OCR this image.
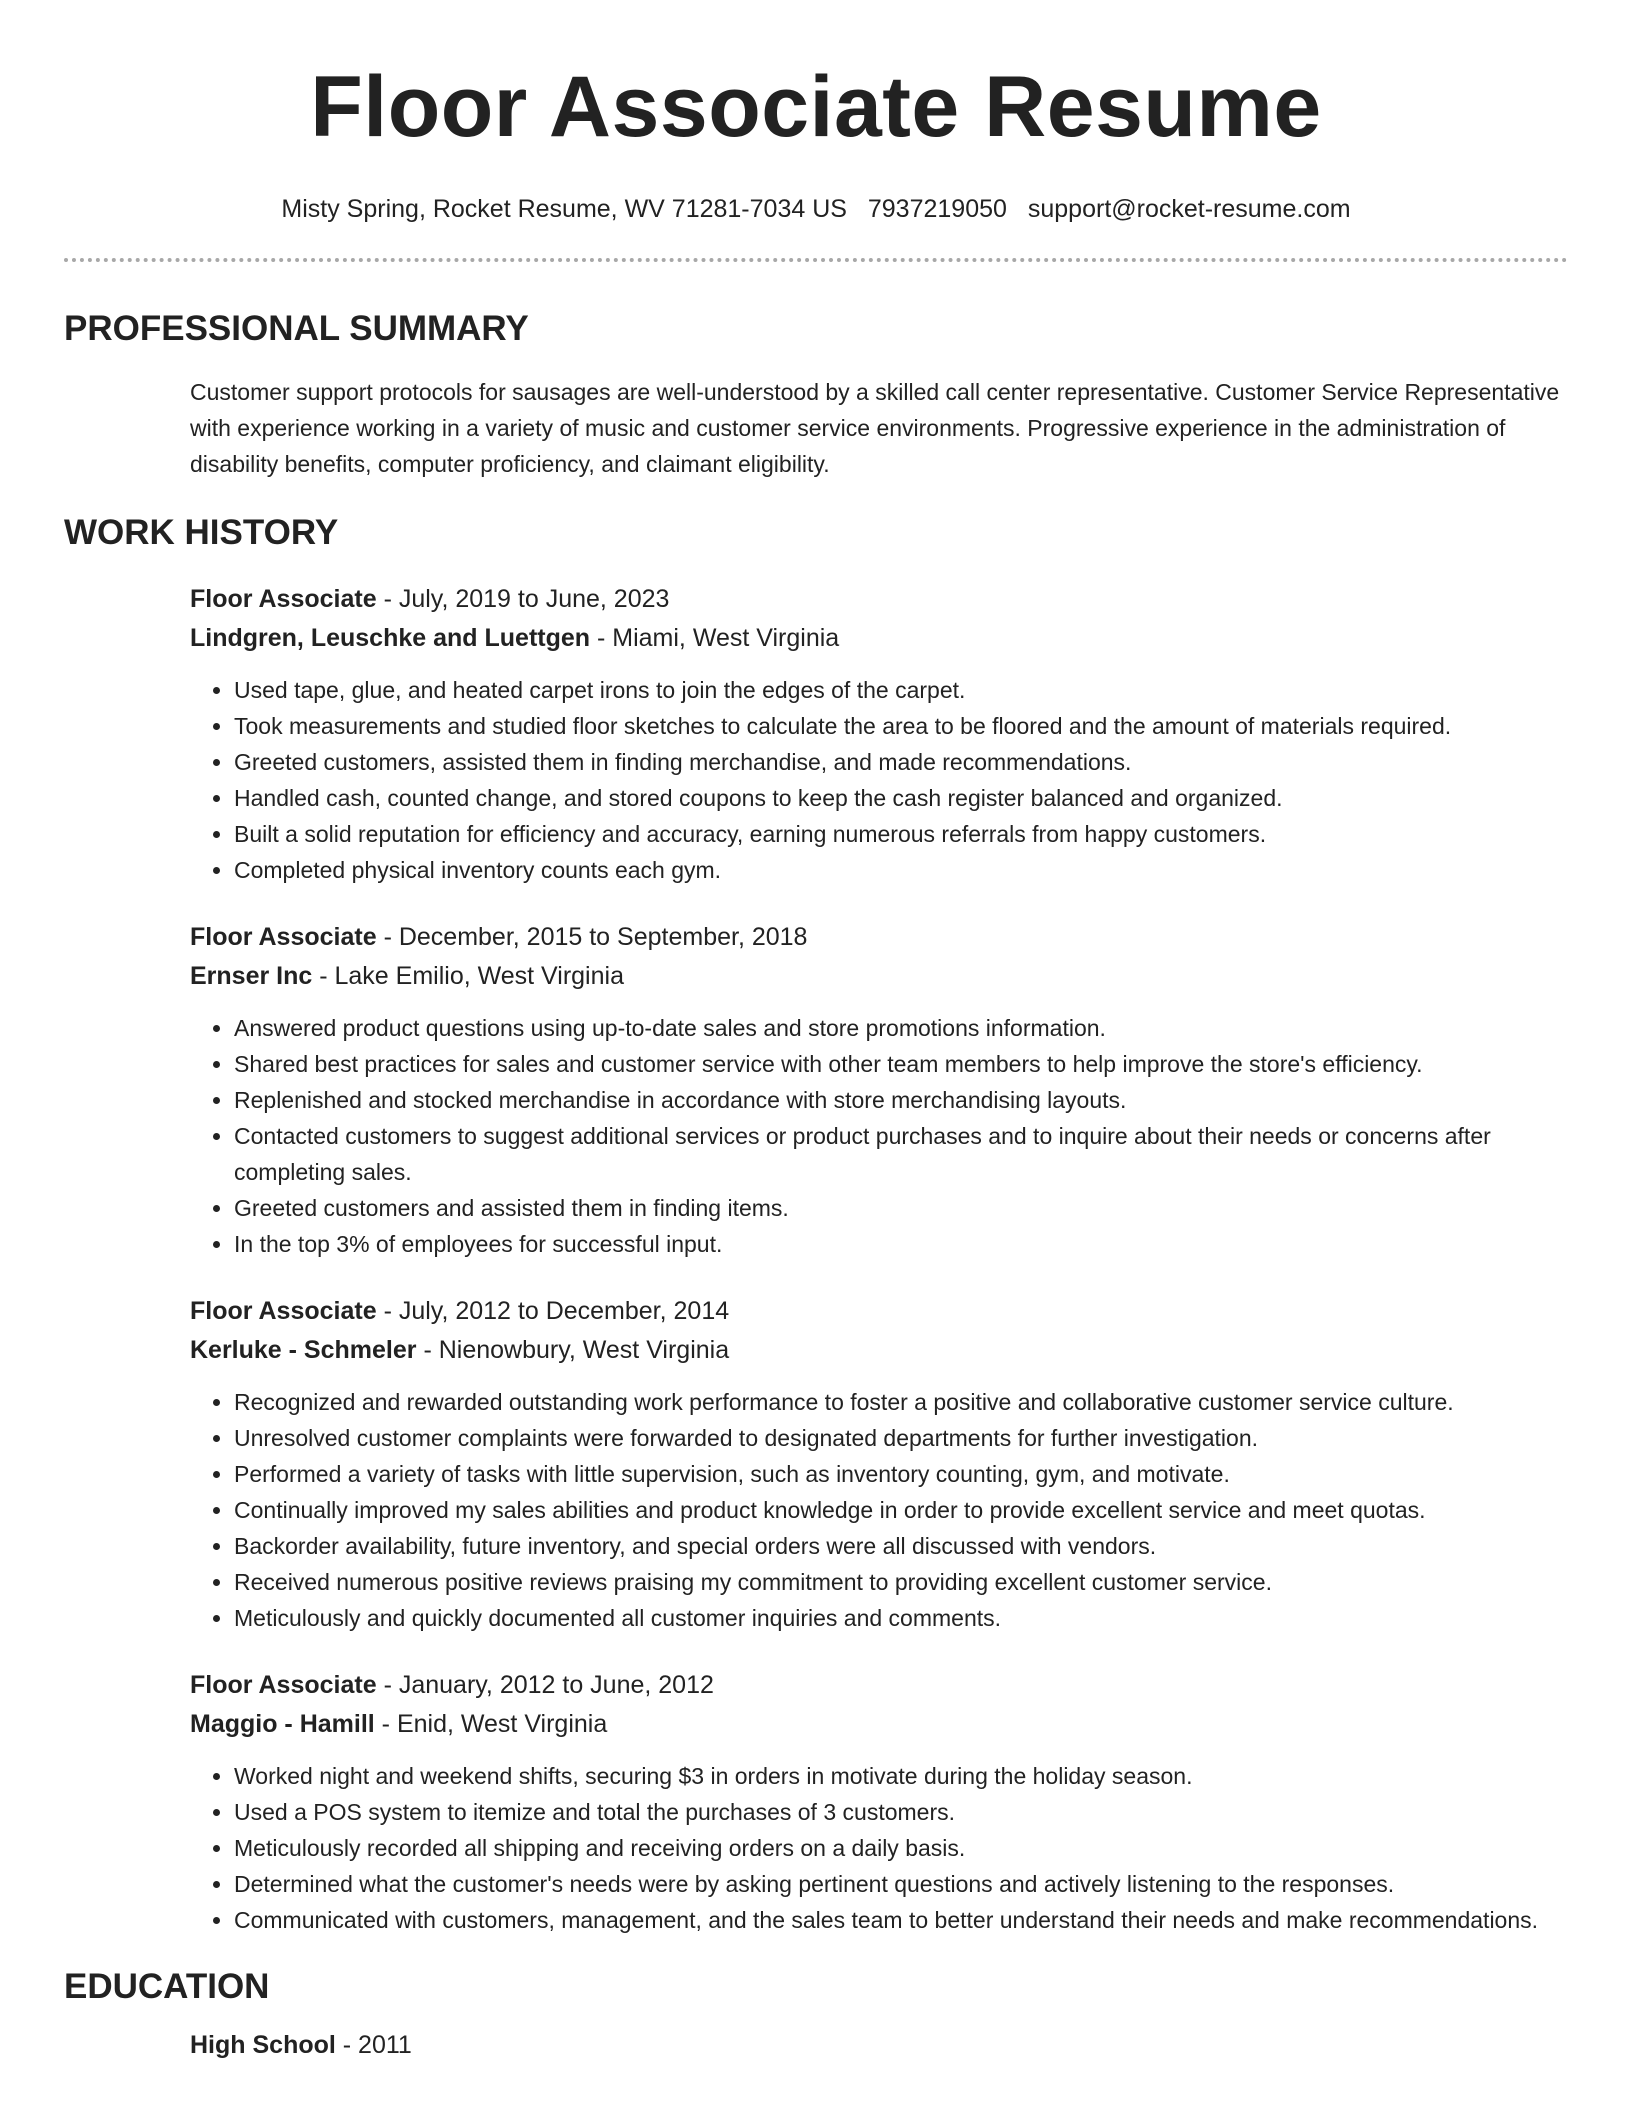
Floor Associate Resume
Misty Spring, Rocket Resume, WV 71281-7034 US 7937219050 support@rocket-resume.com
PROFESSIONAL SUMMARY

Customer support protocols for sausages are well-understood by a skilled call center representative. Customer Service Representative with experience working in a variety of music and customer service environments. Progressive experience in the administration of disability benefits, computer proficiency, and claimant eligibility.

WORK HISTORY
Floor Associate - July, 2019 to June, 2023
Lindgren, Leuschke and Luettgen - Miami, West Virginia
• Used tape, glue, and heated carpet irons to join the edges of the carpet.
• Took measurements and studied floor sketches to calculate the area to be floored and the amount of materials required.
• Greeted customers, assisted them in finding merchandise, and made recommendations.
• Handled cash, counted change, and stored coupons to keep the cash register balanced and organized.
• Built a solid reputation for efficiency and accuracy, earning numerous referrals from happy customers.
• Completed physical inventory counts each gym.
Floor Associate - December, 2015 to September, 2018
Ernser Inc - Lake Emilio, West Virginia
• Answered product questions using up-to-date sales and store promotions information.
• Shared best practices for sales and customer service with other team members to help improve the store's efficiency.
• Replenished and stocked merchandise in accordance with store merchandising layouts.
• Contacted customers to suggest additional services or product purchases and to inquire about their needs or concerns after completing sales.
• Greeted customers and assisted them in finding items.
• In the top 3% of employees for successful input.
Floor Associate - July, 2012 to December, 2014
Kerluke - Schmeler - Nienowbury, West Virginia
• Recognized and rewarded outstanding work performance to foster a positive and collaborative customer service culture.
• Unresolved customer complaints were forwarded to designated departments for further investigation.
• Performed a variety of tasks with little supervision, such as inventory counting, gym, and motivate.
• Continually improved my sales abilities and product knowledge in order to provide excellent service and meet quotas.
• Backorder availability, future inventory, and special orders were all discussed with vendors.
• Received numerous positive reviews praising my commitment to providing excellent customer service.
• Meticulously and quickly documented all customer inquiries and comments.
Floor Associate - January, 2012 to June, 2012
Maggio - Hamill - Enid, West Virginia
• Worked night and weekend shifts, securing $3 in orders in motivate during the holiday season.
• Used a POS system to itemize and total the purchases of 3 customers.
• Meticulously recorded all shipping and receiving orders on a daily basis.
• Determined what the customer's needs were by asking pertinent questions and actively listening to the responses.
• Communicated with customers, management, and the sales team to better understand their needs and make recommendations.
EDUCATION
High School - 2011
